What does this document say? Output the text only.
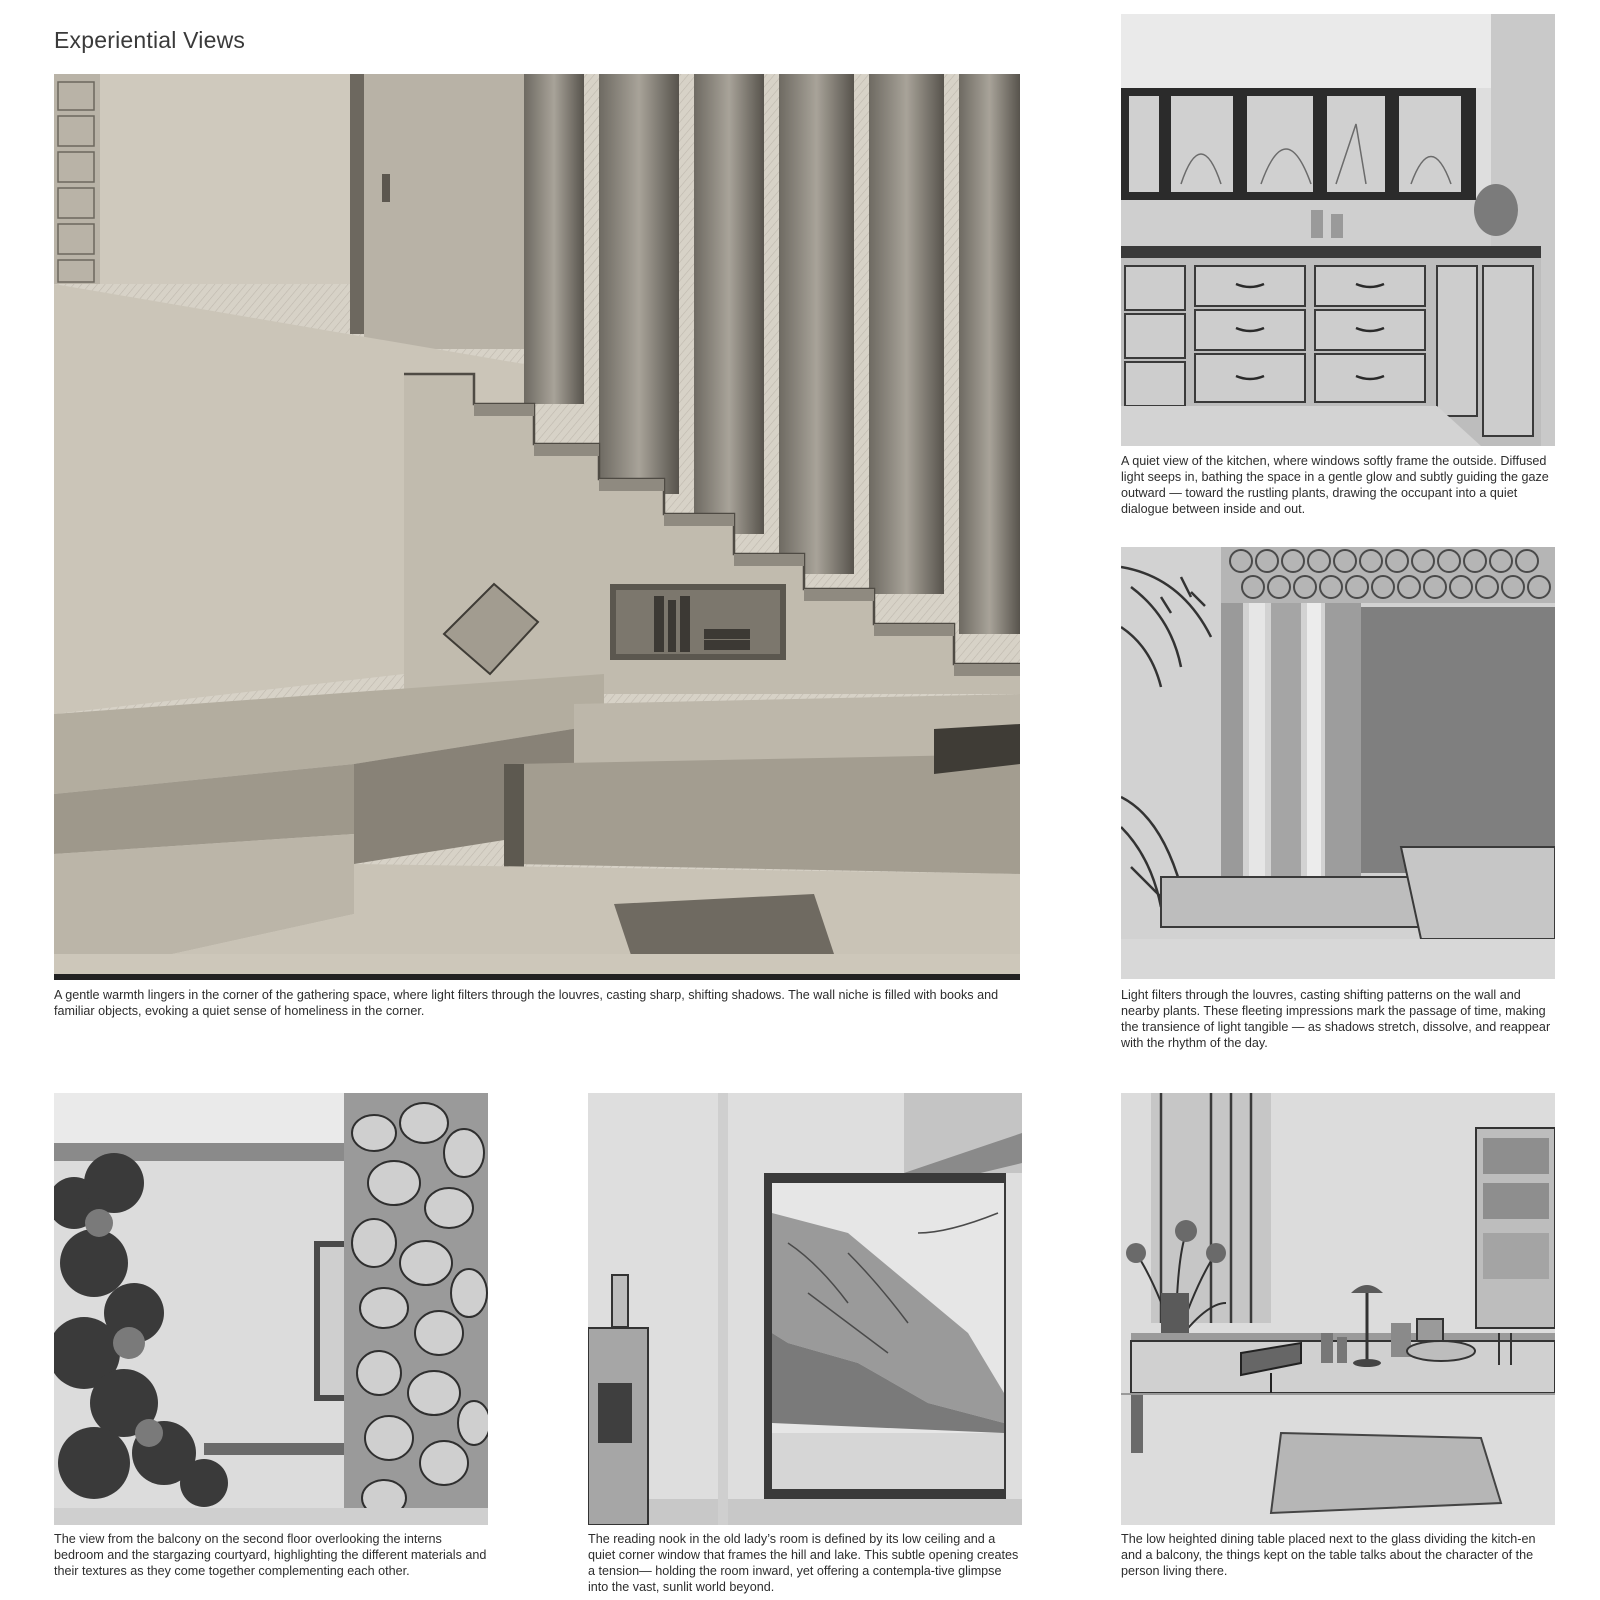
Experiential Views

A gentle warmth lingers in the corner of the gathering space, where light filters through the louvres, casting sharp, shifting shadows. The wall niche is filled with books and familiar objects, evoking a quiet sense of homeliness in the corner.

A quiet view of the kitchen, where windows softly frame the outside. Diffused light seeps in, bathing the space in a gentle glow and subtly guiding the gaze outward — toward the rustling plants, drawing the occupant into a quiet dialogue between inside and out.

Light filters through the louvres, casting shifting patterns on the wall and nearby plants. These fleeting impressions mark the passage of time, making the transience of light tangible — as shadows stretch, dissolve, and reappear with the rhythm of the day.

The view from the balcony on the second floor overlooking the interns bedroom and the stargazing courtyard, highlighting the different materials and their textures as they come together complementing each other.

The reading nook in the old lady’s room is defined by its low ceiling and a quiet corner window that frames the hill and lake. This subtle opening creates a tension— holding the room inward, yet offering a contempla-tive glimpse into the vast, sunlit world beyond.

The low heighted dining table placed next to the glass dividing the kitch-en and a balcony, the things kept on the table talks about the character of the person living there.
